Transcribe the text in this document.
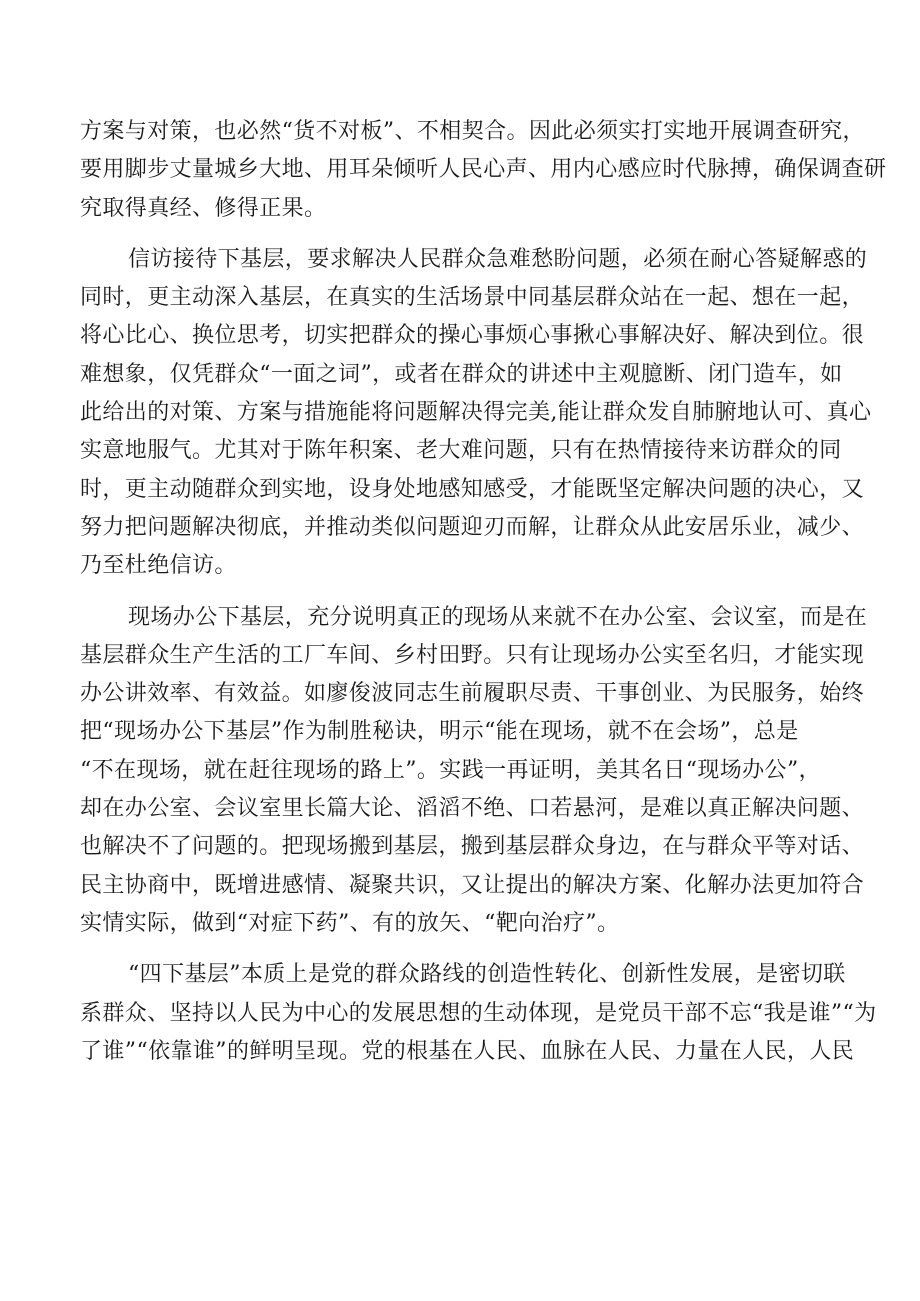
方案与对策，也必然“货不对板”、不相契合。因此必须实打实地开展调查研究，
要用脚步丈量城乡大地、用耳朵倾听人民心声、用内心感应时代脉搏，确保调查研
究取得真经、修得正果。
信访接待下基层，要求解决人民群众急难愁盼问题，必须在耐心答疑解惑的
同时，更主动深入基层，在真实的生活场景中同基层群众站在一起、想在一起，
将心比心、换位思考，切实把群众的操心事烦心事揪心事解决好、解决到位。很
难想象，仅凭群众“一面之词”，或者在群众的讲述中主观臆断、闭门造车，如
此给出的对策、方案与措施能将问题解决得完美,能让群众发自肺腑地认可、真心
实意地服气。尤其对于陈年积案、老大难问题，只有在热情接待来访群众的同
时，更主动随群众到实地，设身处地感知感受，才能既坚定解决问题的决心，又
努力把问题解决彻底，并推动类似问题迎刃而解，让群众从此安居乐业，减少、
乃至杜绝信访。
现场办公下基层，充分说明真正的现场从来就不在办公室、会议室，而是在
基层群众生产生活的工厂车间、乡村田野。只有让现场办公实至名归，才能实现
办公讲效率、有效益。如廖俊波同志生前履职尽责、干事创业、为民服务，始终
把“现场办公下基层”作为制胜秘诀，明示“能在现场，就不在会场”，总是
“不在现场，就在赶往现场的路上”。实践一再证明，美其名日“现场办公”，
却在办公室、会议室里长篇大论、滔滔不绝、口若悬河，是难以真正解决问题、
也解决不了问题的。把现场搬到基层，搬到基层群众身边，在与群众平等对话、
民主协商中，既增进感情、凝聚共识，又让提出的解决方案、化解办法更加符合
实情实际，做到“对症下药”、有的放矢、“靶向治疗”。
“四下基层”本质上是党的群众路线的创造性转化、创新性发展，是密切联
系群众、坚持以人民为中心的发展思想的生动体现，是党员干部不忘“我是谁”“为
了谁”“依靠谁”的鲜明呈现。党的根基在人民、血脉在人民、力量在人民，人民
